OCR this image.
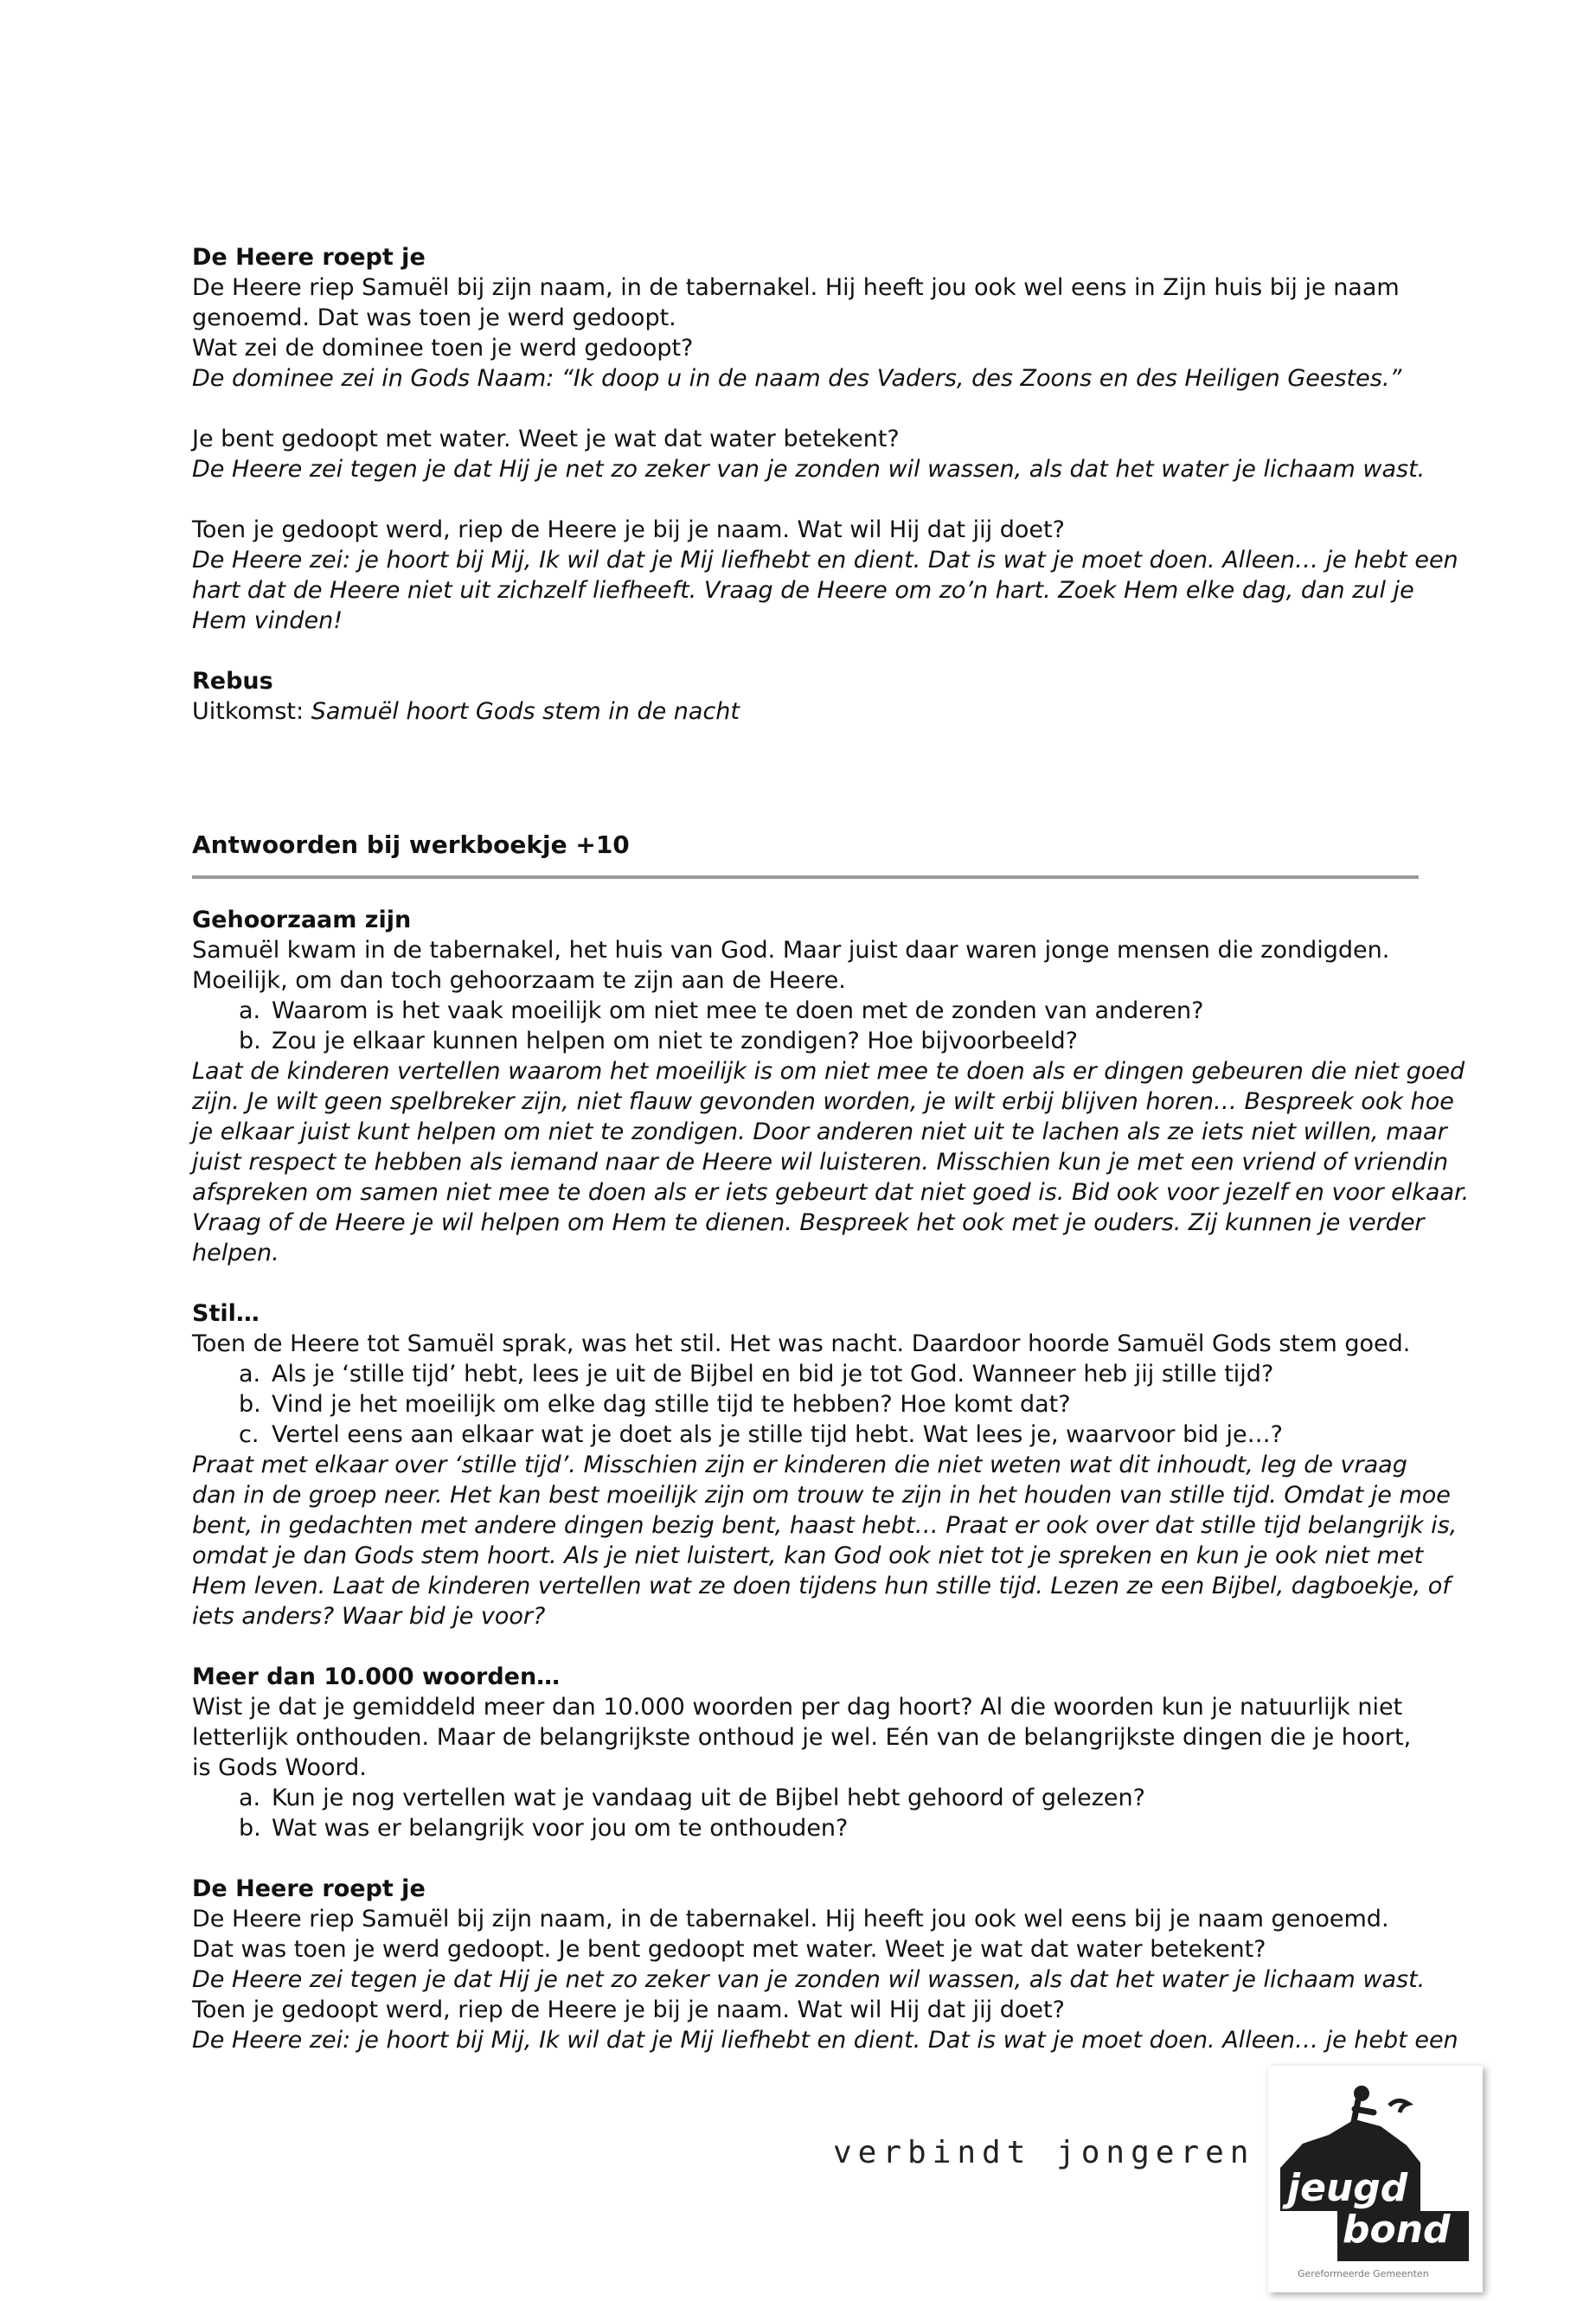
De Heere roept je
De Heere riep Samuël bij zijn naam, in de tabernakel. Hij heeft jou ook wel eens in Zijn huis bij je naam
genoemd. Dat was toen je werd gedoopt.
Wat zei de dominee toen je werd gedoopt?
De dominee zei in Gods Naam: “Ik doop u in de naam des Vaders, des Zoons en des Heiligen Geestes.”
Je bent gedoopt met water. Weet je wat dat water betekent?
De Heere zei tegen je dat Hij je net zo zeker van je zonden wil wassen, als dat het water je lichaam wast.
Toen je gedoopt werd, riep de Heere je bij je naam. Wat wil Hij dat jij doet?
De Heere zei: je hoort bij Mij, Ik wil dat je Mij liefhebt en dient. Dat is wat je moet doen. Alleen… je hebt een
hart dat de Heere niet uit zichzelf liefheeft. Vraag de Heere om zo’n hart. Zoek Hem elke dag, dan zul je
Hem vinden!
Rebus
Uitkomst: Samuël hoort Gods stem in de nacht
Antwoorden bij werkboekje +10
Gehoorzaam zijn
Samuël kwam in de tabernakel, het huis van God. Maar juist daar waren jonge mensen die zondigden.
Moeilijk, om dan toch gehoorzaam te zijn aan de Heere.
a. Waarom is het vaak moeilijk om niet mee te doen met de zonden van anderen?
b. Zou je elkaar kunnen helpen om niet te zondigen? Hoe bijvoorbeeld?
Laat de kinderen vertellen waarom het moeilijk is om niet mee te doen als er dingen gebeuren die niet goed
zijn. Je wilt geen spelbreker zijn, niet flauw gevonden worden, je wilt erbij blijven horen… Bespreek ook hoe
je elkaar juist kunt helpen om niet te zondigen. Door anderen niet uit te lachen als ze iets niet willen, maar
juist respect te hebben als iemand naar de Heere wil luisteren. Misschien kun je met een vriend of vriendin
afspreken om samen niet mee te doen als er iets gebeurt dat niet goed is. Bid ook voor jezelf en voor elkaar.
Vraag of de Heere je wil helpen om Hem te dienen. Bespreek het ook met je ouders. Zij kunnen je verder
helpen.
Stil…
Toen de Heere tot Samuël sprak, was het stil. Het was nacht. Daardoor hoorde Samuël Gods stem goed.
a. Als je ‘stille tijd’ hebt, lees je uit de Bijbel en bid je tot God. Wanneer heb jij stille tijd?
b. Vind je het moeilijk om elke dag stille tijd te hebben? Hoe komt dat?
c. Vertel eens aan elkaar wat je doet als je stille tijd hebt. Wat lees je, waarvoor bid je…?
Praat met elkaar over ‘stille tijd’. Misschien zijn er kinderen die niet weten wat dit inhoudt, leg de vraag
dan in de groep neer. Het kan best moeilijk zijn om trouw te zijn in het houden van stille tijd. Omdat je moe
bent, in gedachten met andere dingen bezig bent, haast hebt… Praat er ook over dat stille tijd belangrijk is,
omdat je dan Gods stem hoort. Als je niet luistert, kan God ook niet tot je spreken en kun je ook niet met
Hem leven. Laat de kinderen vertellen wat ze doen tijdens hun stille tijd. Lezen ze een Bijbel, dagboekje, of
iets anders? Waar bid je voor?
Meer dan 10.000 woorden…
Wist je dat je gemiddeld meer dan 10.000 woorden per dag hoort? Al die woorden kun je natuurlijk niet
letterlijk onthouden. Maar de belangrijkste onthoud je wel. Eén van de belangrijkste dingen die je hoort,
is Gods Woord.
a. Kun je nog vertellen wat je vandaag uit de Bijbel hebt gehoord of gelezen?
b. Wat was er belangrijk voor jou om te onthouden?
De Heere roept je
De Heere riep Samuël bij zijn naam, in de tabernakel. Hij heeft jou ook wel eens bij je naam genoemd.
Dat was toen je werd gedoopt. Je bent gedoopt met water. Weet je wat dat water betekent?
De Heere zei tegen je dat Hij je net zo zeker van je zonden wil wassen, als dat het water je lichaam wast.
Toen je gedoopt werd, riep de Heere je bij je naam. Wat wil Hij dat jij doet?
De Heere zei: je hoort bij Mij, Ik wil dat je Mij liefhebt en dient. Dat is wat je moet doen. Alleen… je hebt een
verbindt jongeren
jeugd
bond
Gereformeerde Gemeenten
